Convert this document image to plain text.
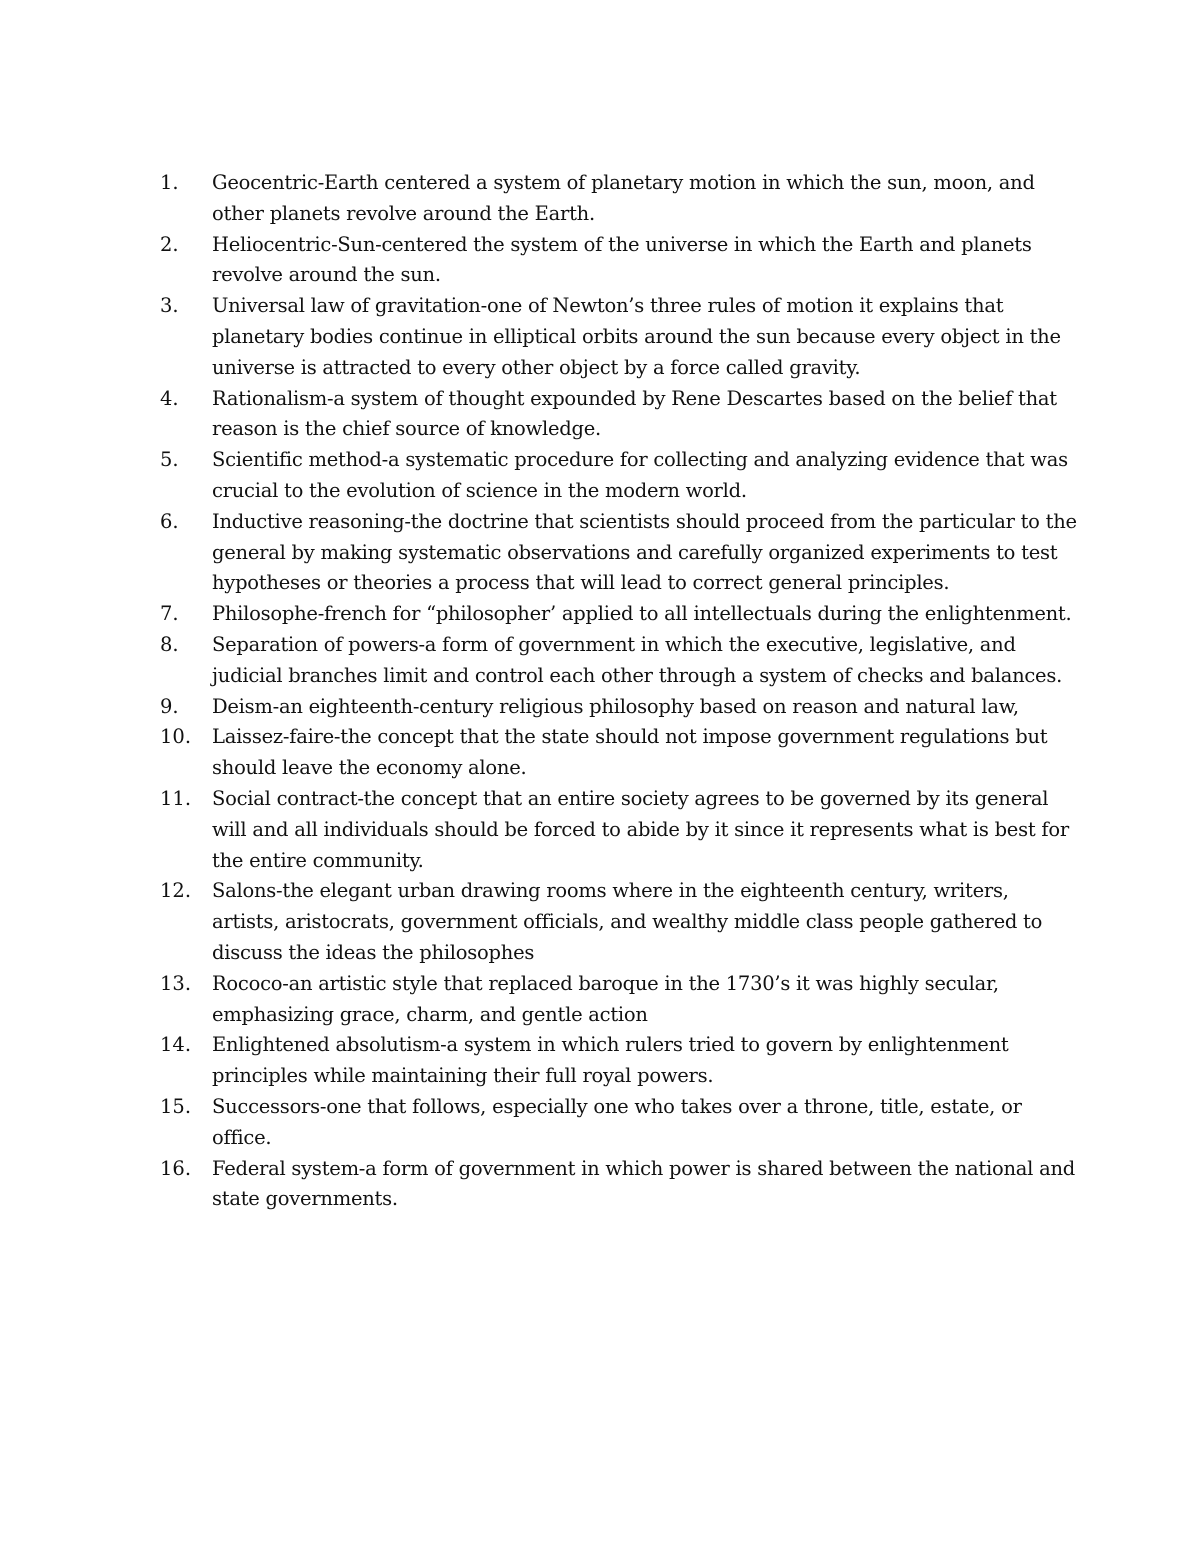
1.	Geocentric-Earth centered a system of planetary motion in which the sun, moon, and other planets revolve around the Earth.
2.	Heliocentric-Sun-centered the system of the universe in which the Earth and planets revolve around the sun.
3.	Universal law of gravitation-one of Newton’s three rules of motion it explains that planetary bodies continue in elliptical orbits around the sun because every object in the universe is attracted to every other object by a force called gravity.
4.	Rationalism-a system of thought expounded by Rene Descartes based on the belief that reason is the chief source of knowledge.
5.	Scientific method-a systematic procedure for collecting and analyzing evidence that was crucial to the evolution of science in the modern world.
6.	Inductive reasoning-the doctrine that scientists should proceed from the particular to the general by making systematic observations and carefully organized experiments to test hypotheses or theories a process that will lead to correct general principles.
7.	Philosophe-french for “philosopher’ applied to all intellectuals during the enlightenment.
8.	Separation of powers-a form of government in which the executive, legislative, and judicial branches limit and control each other through a system of checks and balances.
9.	Deism-an eighteenth-century religious philosophy based on reason and natural law,
10.	Laissez-faire-the concept that the state should not impose government regulations but should leave the economy alone.
11.	Social contract-the concept that an entire society agrees to be governed by its general will and all individuals should be forced to abide by it since it represents what is best for the entire community.
12.	Salons-the elegant urban drawing rooms where in the eighteenth century, writers, artists, aristocrats, government officials, and wealthy middle class people gathered to discuss the ideas the philosophes
13.	Rococo-an artistic style that replaced baroque in the 1730’s it was highly secular, emphasizing grace, charm, and gentle action
14.	Enlightened absolutism-a system in which rulers tried to govern by enlightenment principles while maintaining their full royal powers.
15.	Successors-one that follows, especially one who takes over a throne, title, estate, or office.
16.	Federal system-a form of government in which power is shared between the national and state governments.
